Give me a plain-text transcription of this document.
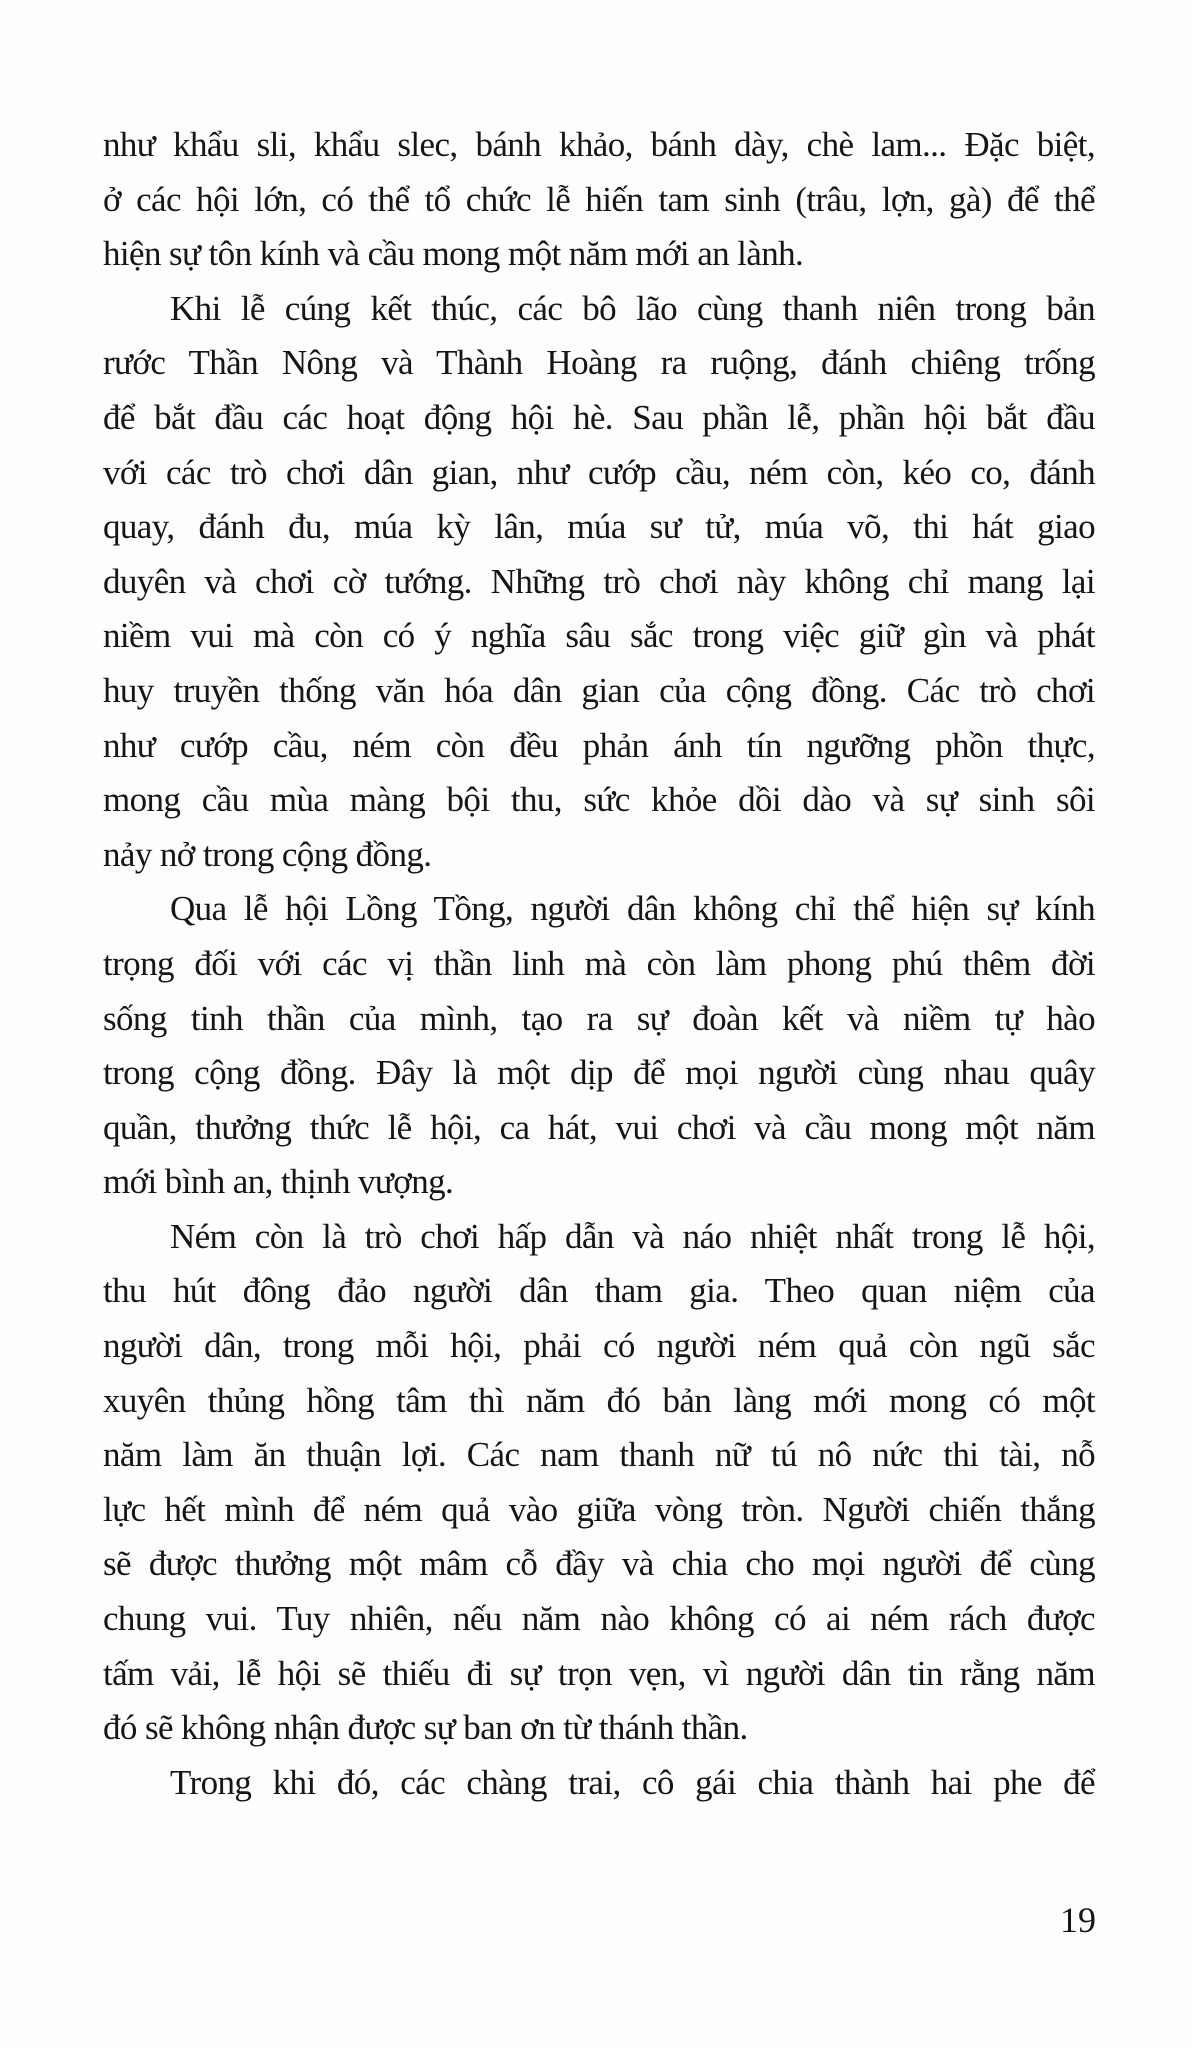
như khẩu sli, khẩu slec, bánh khảo, bánh dày, chè lam... Đặc biệt,
ở các hội lớn, có thể tổ chức lễ hiến tam sinh (trâu, lợn, gà) để thể
hiện sự tôn kính và cầu mong một năm mới an lành.
Khi lễ cúng kết thúc, các bô lão cùng thanh niên trong bản
rước Thần Nông và Thành Hoàng ra ruộng, đánh chiêng trống
để bắt đầu các hoạt động hội hè. Sau phần lễ, phần hội bắt đầu
với các trò chơi dân gian, như cướp cầu, ném còn, kéo co, đánh
quay, đánh đu, múa kỳ lân, múa sư tử, múa võ, thi hát giao
duyên và chơi cờ tướng. Những trò chơi này không chỉ mang lại
niềm vui mà còn có ý nghĩa sâu sắc trong việc giữ gìn và phát
huy truyền thống văn hóa dân gian của cộng đồng. Các trò chơi
như cướp cầu, ném còn đều phản ánh tín ngưỡng phồn thực,
mong cầu mùa màng bội thu, sức khỏe dồi dào và sự sinh sôi
nảy nở trong cộng đồng.
Qua lễ hội Lồng Tồng, người dân không chỉ thể hiện sự kính
trọng đối với các vị thần linh mà còn làm phong phú thêm đời
sống tinh thần của mình, tạo ra sự đoàn kết và niềm tự hào
trong cộng đồng. Đây là một dịp để mọi người cùng nhau quây
quần, thưởng thức lễ hội, ca hát, vui chơi và cầu mong một năm
mới bình an, thịnh vượng.
Ném còn là trò chơi hấp dẫn và náo nhiệt nhất trong lễ hội,
thu hút đông đảo người dân tham gia. Theo quan niệm của
người dân, trong mỗi hội, phải có người ném quả còn ngũ sắc
xuyên thủng hồng tâm thì năm đó bản làng mới mong có một
năm làm ăn thuận lợi. Các nam thanh nữ tú nô nức thi tài, nỗ
lực hết mình để ném quả vào giữa vòng tròn. Người chiến thắng
sẽ được thưởng một mâm cỗ đầy và chia cho mọi người để cùng
chung vui. Tuy nhiên, nếu năm nào không có ai ném rách được
tấm vải, lễ hội sẽ thiếu đi sự trọn vẹn, vì người dân tin rằng năm
đó sẽ không nhận được sự ban ơn từ thánh thần.
Trong khi đó, các chàng trai, cô gái chia thành hai phe để
19
